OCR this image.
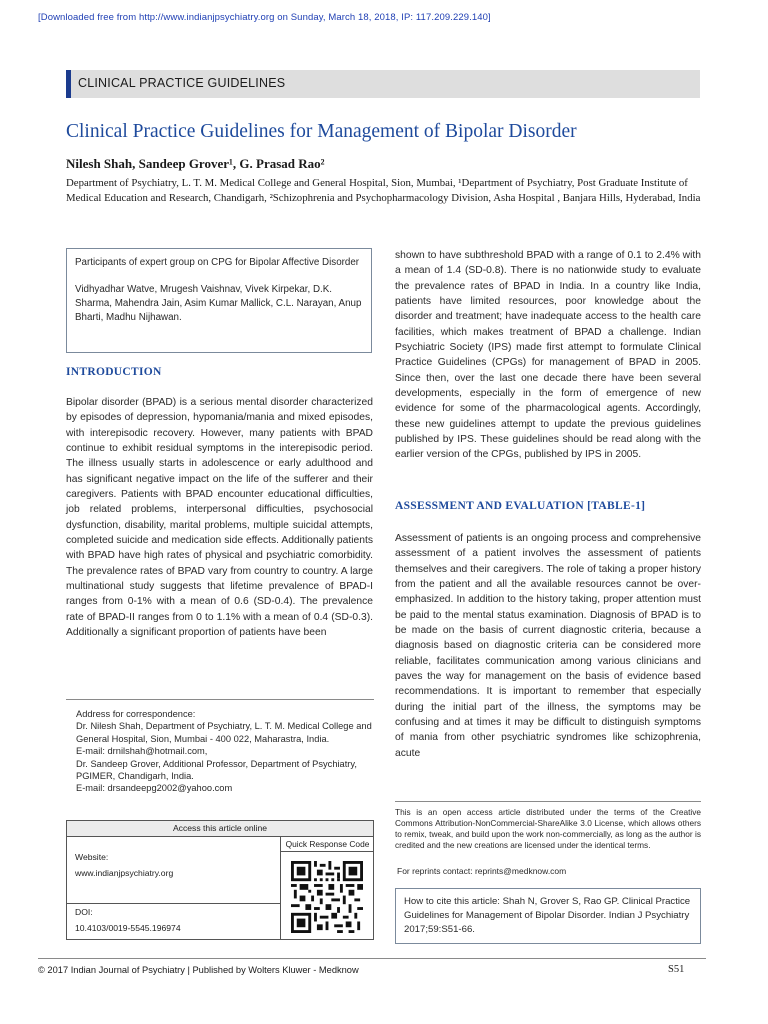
[Downloaded free from http://www.indianjpsychiatry.org on Sunday, March 18, 2018, IP: 117.209.229.140]
CLINICAL PRACTICE GUIDELINES
Clinical Practice Guidelines for Management of Bipolar Disorder
Nilesh Shah, Sandeep Grover¹, G. Prasad Rao²
Department of Psychiatry, L. T. M. Medical College and General Hospital, Sion, Mumbai, ¹Department of Psychiatry, Post Graduate Institute of Medical Education and Research, Chandigarh, ²Schizophrenia and Psychopharmacology Division, Asha Hospital , Banjara Hills, Hyderabad, India

Participants of expert group on CPG for Bipolar Affective Disorder

Vidhyadhar Watve, Mrugesh Vaishnav, Vivek Kirpekar, D.K. Sharma, Mahendra Jain, Asim Kumar Mallick, C.L. Narayan, Anup Bharti, Madhu Nijhawan.

INTRODUCTION
Bipolar disorder (BPAD) is a serious mental disorder characterized by episodes of depression, hypomania/mania and mixed episodes, with interepisodic recovery. However, many patients with BPAD continue to exhibit residual symptoms in the interepisodic period. The illness usually starts in adolescence or early adulthood and has significant negative impact on the life of the sufferer and their caregivers. Patients with BPAD encounter educational difficulties, job related problems, interpersonal difficulties, psychosocial dysfunction, disability, marital problems, multiple suicidal attempts, completed suicide and medication side effects. Additionally patients with BPAD have high rates of physical and psychiatric comorbidity. The prevalence rates of BPAD vary from country to country. A large multinational study suggests that lifetime prevalence of BPAD-I ranges from 0-1% with a mean of 0.6 (SD-0.4). The prevalence rate of BPAD-II ranges from 0 to 1.1% with a mean of 0.4 (SD-0.3). Additionally a significant proportion of patients have been
shown to have subthreshold BPAD with a range of 0.1 to 2.4% with a mean of 1.4 (SD-0.8). There is no nationwide study to evaluate the prevalence rates of BPAD in India. In a country like India, patients have limited resources, poor knowledge about the disorder and treatment; have inadequate access to the health care facilities, which makes treatment of BPAD a challenge. Indian Psychiatric Society (IPS) made first attempt to formulate Clinical Practice Guidelines (CPGs) for management of BPAD in 2005. Since then, over the last one decade there have been several developments, especially in the form of emergence of new evidence for some of the pharmacological agents. Accordingly, these new guidelines attempt to update the previous guidelines published by IPS. These guidelines should be read along with the earlier version of the CPGs, published by IPS in 2005.
ASSESSMENT AND EVALUATION [TABLE-1]
Assessment of patients is an ongoing process and comprehensive assessment of a patient involves the assessment of patients themselves and their caregivers. The role of taking a proper history from the patient and all the available resources cannot be over-emphasized. In addition to the history taking, proper attention must be paid to the mental status examination. Diagnosis of BPAD is to be made on the basis of current diagnostic criteria, because a diagnosis based on diagnostic criteria can be considered more reliable, facilitates communication among various clinicians and paves the way for management on the basis of evidence based recommendations. It is important to remember that especially during the initial part of the illness, the symptoms may be confusing and at times it may be difficult to distinguish symptoms of mania from other psychiatric syndromes like schizophrenia, acute
Address for correspondence:
Dr. Nilesh Shah, Department of Psychiatry, L. T. M. Medical College and General Hospital, Sion, Mumbai - 400 022, Maharastra, India.
E-mail: drnilshah@hotmail.com,
Dr. Sandeep Grover, Additional Professor, Department of Psychiatry, PGIMER, Chandigarh, India.
E-mail: drsandeepg2002@yahoo.com
Access this article online
Website:
www.indianjpsychiatry.org
DOI:
10.4103/0019-5545.196974
Quick Response Code
This is an open access article distributed under the terms of the Creative Commons Attribution-NonCommercial-ShareAlike 3.0 License, which allows others to remix, tweak, and build upon the work non-commercially, as long as the author is credited and the new creations are licensed under the identical terms.
For reprints contact: reprints@medknow.com
How to cite this article: Shah N, Grover S, Rao GP. Clinical Practice Guidelines for Management of Bipolar Disorder. Indian J Psychiatry 2017;59:S51-66.
© 2017 Indian Journal of Psychiatry | Published by Wolters Kluwer - Medknow	S51
